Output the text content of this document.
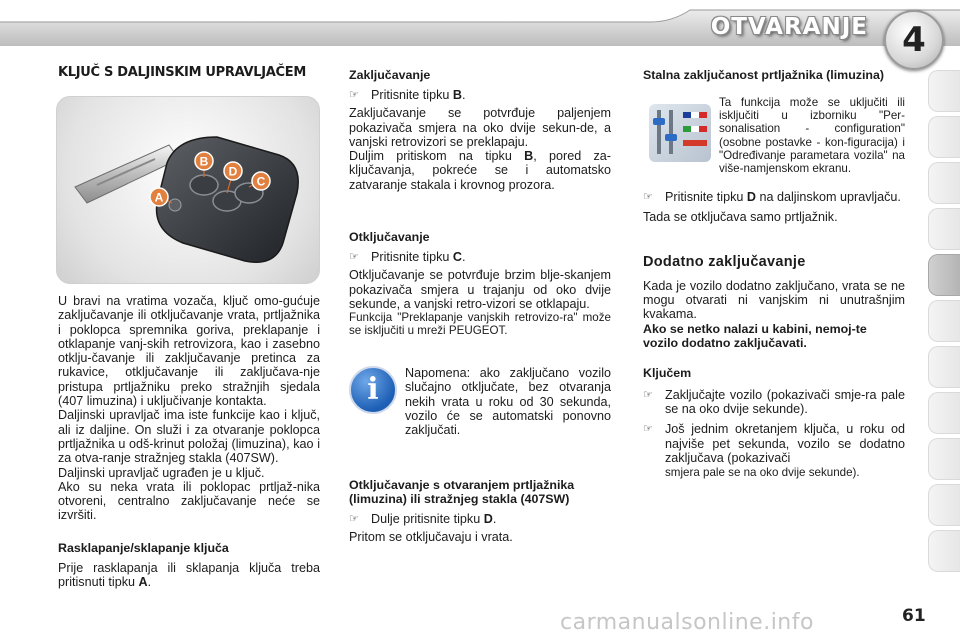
OTVARANJE	4

KLJUČ S DALJINSKIM UPRAVLJAČEM

B
D
C
A

U bravi na vratima vozača, ključ omo-gućuje zaključavanje ili otključavanje vrata, prtljažnika i poklopca spremnika goriva, preklapanje i otklapanje vanj-skih retrovizora, kao i zasebno otklju-čavanje ili zaključavanje pretinca za rukavice, otključavanje ili zaključava-nje pristupa prtljažniku preko stražnjih sjedala (407 limuzina) i uključivanje kontakta.

Daljinski upravljač ima iste funkcije kao i ključ, ali iz daljine. On služi i za otvaranje poklopca prtljažnika u odš-krinut položaj (limuzina), kao i za otva-ranje stražnjeg stakla (407SW).

Daljinski upravljač ugrađen je u ključ.

Ako su neka vrata ili poklopac prtljaž-nika otvoreni, centralno zaključavanje neće se izvršiti.

Rasklapanje/sklapanje ključa

Prije rasklapanja ili sklapanja ključa treba pritisnuti tipku A.

Zaključavanje

☞ Pritisnite tipku B.

Zaključavanje se potvrđuje paljenjem pokazivača smjera na oko dvije sekun-de, a vanjski retrovizori se preklapaju.

Duljim pritiskom na tipku B, pored za-ključavanja, pokreće se i automatsko zatvaranje stakala i krovnog prozora.

Otključavanje

☞ Pritisnite tipku C.

Otključavanje se potvrđuje brzim blje-skanjem pokazivača smjera u trajanju od oko dvije sekunde, a vanjski retro-vizori se otklapaju.

Funkcija "Preklapanje vanjskih retrovizo-ra" može se isključiti u mreži PEUGEOT.

i	Napomena: ako zaključano vozilo slučajno otključate, bez otvaranja nekih vrata u roku od 30 sekunda, vozilo će se automatski ponovno zaključati.

Otključavanje s otvaranjem prtljažnika (limuzina) ili stražnjeg stakla (407SW)

☞ Dulje pritisnite tipku D.

Pritom se otključavaju i vrata.

Stalna zaključanost prtljažnika (limuzina)

Ta funkcija može se uključiti ili isključiti u izborniku "Per-sonalisation - configuration" (osobne postavke - kon-figuracija) i "Određivanje parametara vozila" na više-namjenskom ekranu.

☞ Pritisnite tipku D na daljinskom upravljaču.

Tada se otključava samo prtljažnik.

Dodatno zaključavanje

Kada je vozilo dodatno zaključano, vrata se ne mogu otvarati ni vanjskim ni unutrašnjim kvakama.

Ako se netko nalazi u kabini, nemoj-te vozilo dodatno zaključavati.

Ključem

☞ Zaključajte vozilo (pokazivači smje-ra pale se na oko dvije sekunde).
☞ Još jednim okretanjem ključa, u roku od najviše pet sekunda, vozilo se dodatno zaključava (pokazivači
smjera pale se na oko dvije sekunde).
carmanualsonline.info	61
